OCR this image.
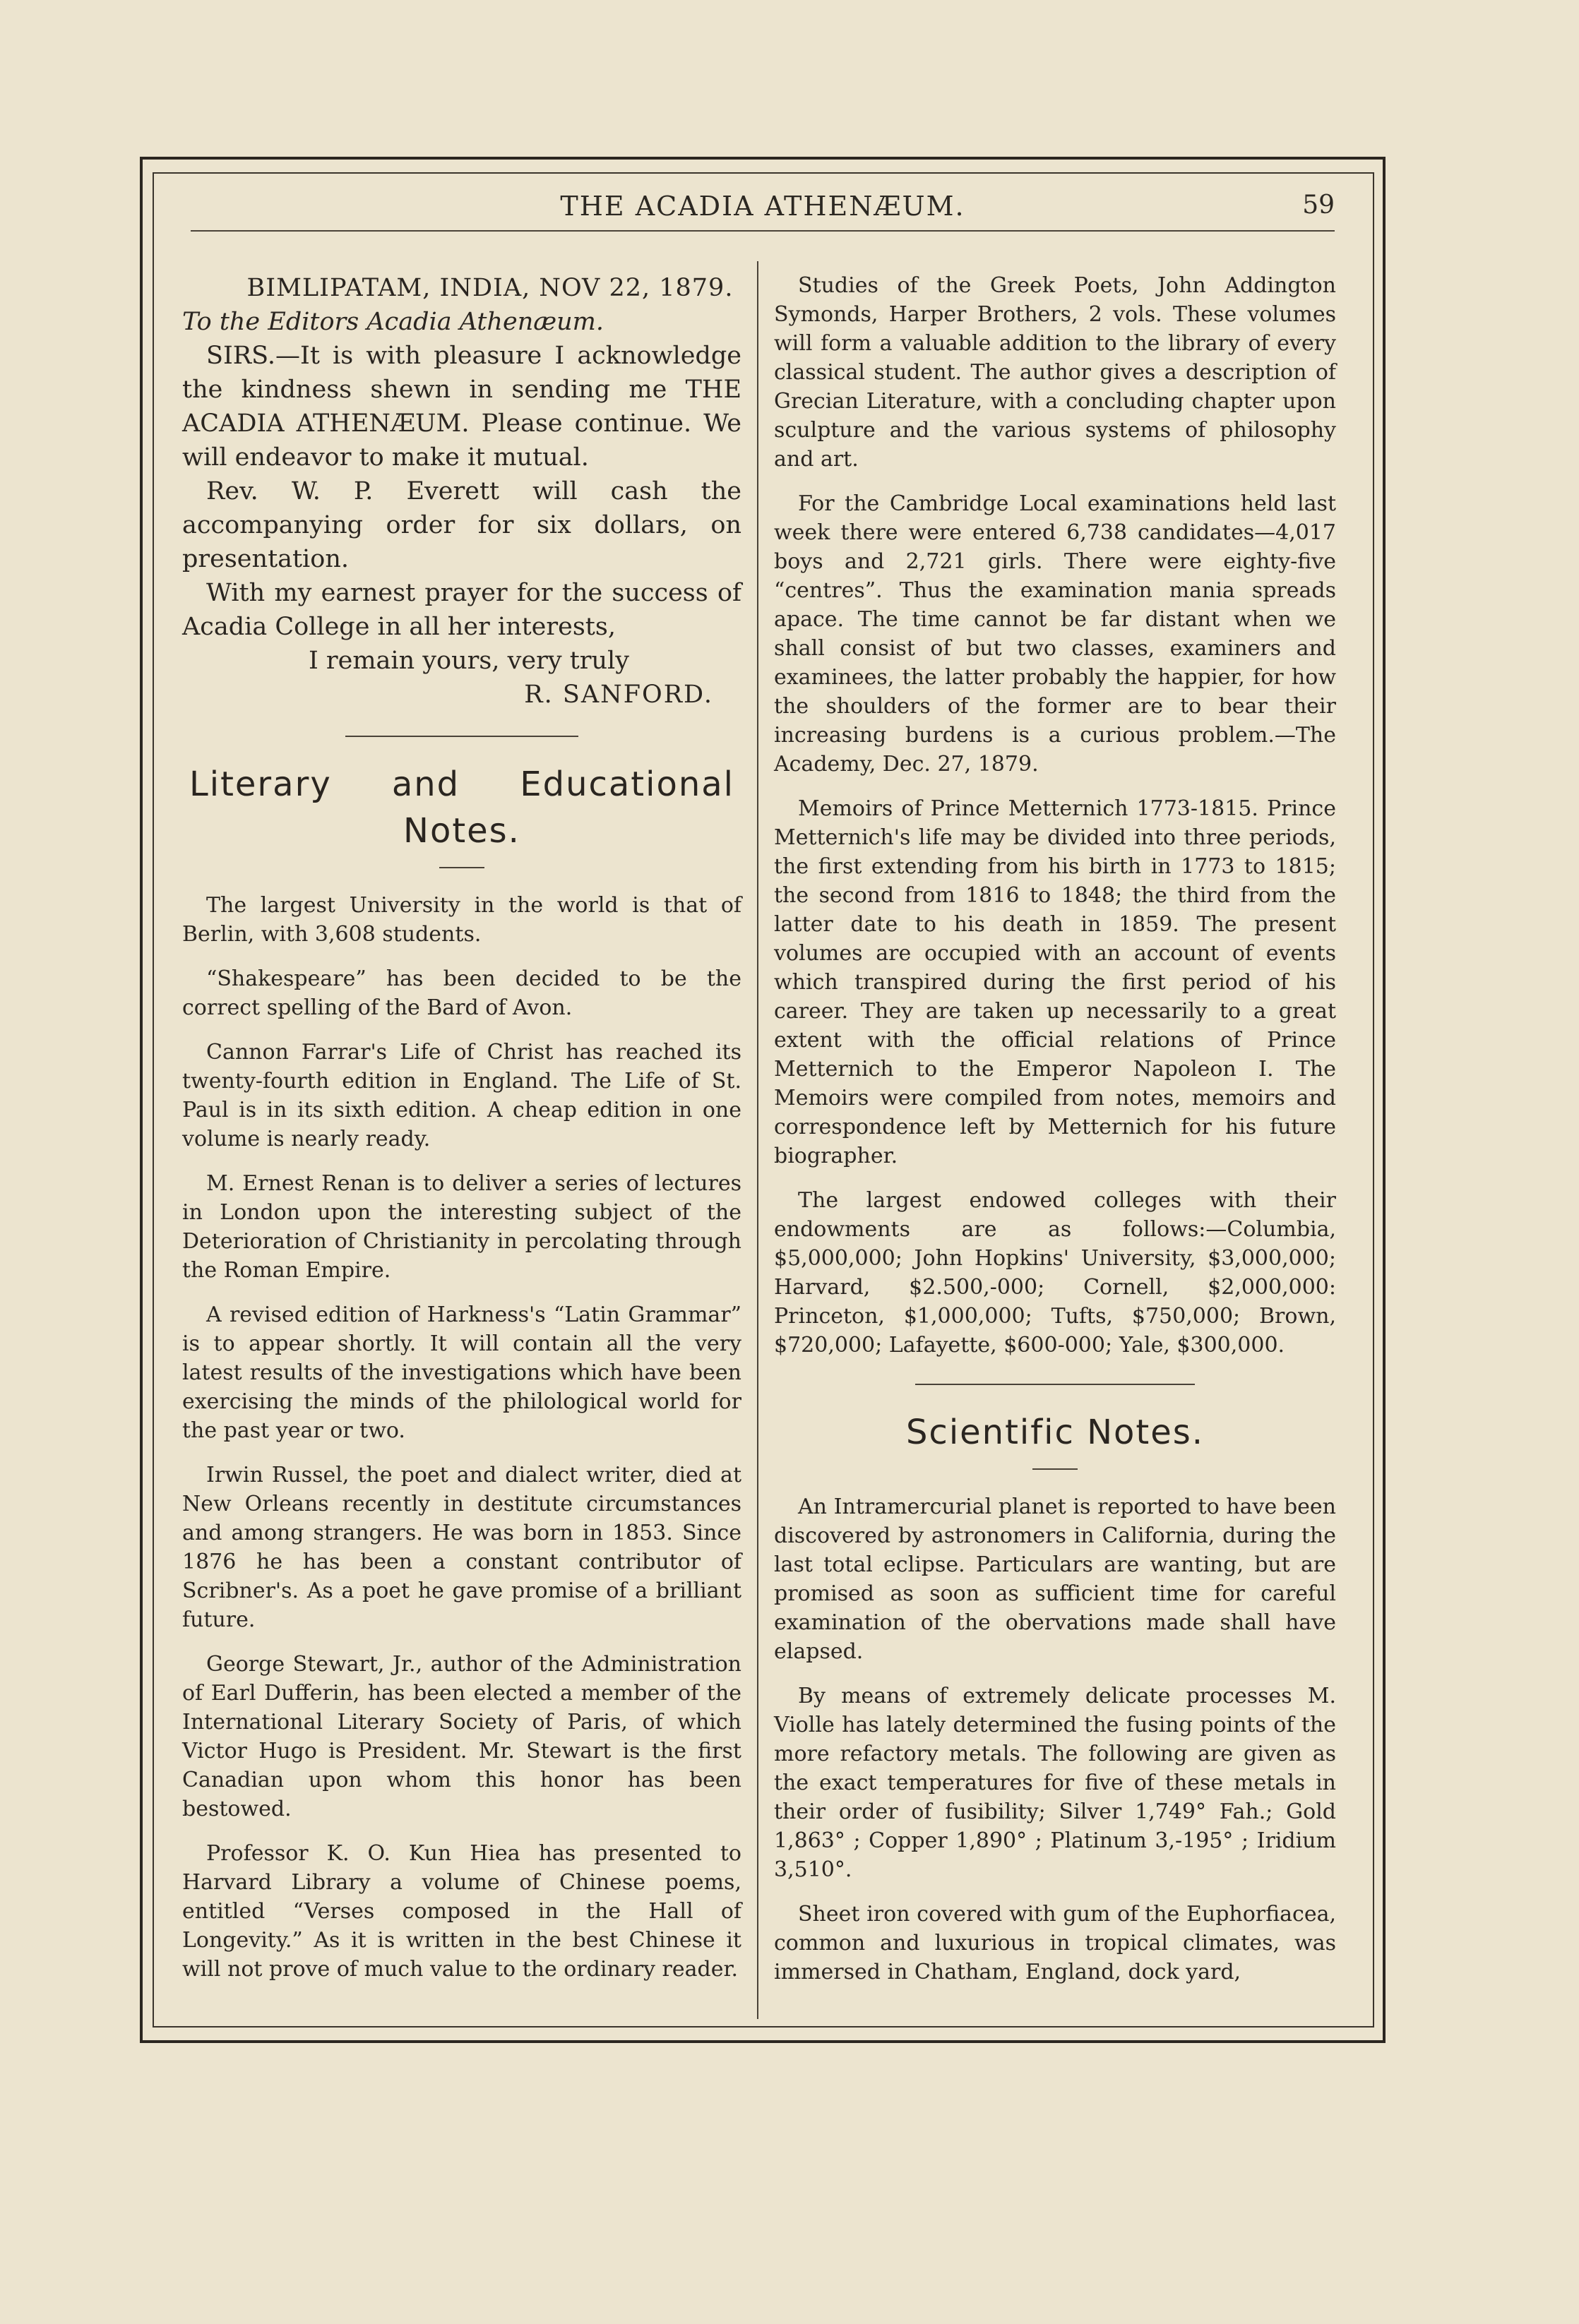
THE ACADIA ATHENÆUM.	59

BIMLIPATAM, INDIA, NOV 22, 1879.

To the Editors Acadia Athenæum.

SIRS.—It is with pleasure I acknowledge the kindness shewn in sending me THE ACADIA ATHENÆUM. Please continue. We will endeavor to make it mutual.

Rev. W. P. Everett will cash the accompanying order for six dollars, on presentation.

With my earnest prayer for the success of Acadia College in all her interests,

I remain yours, very truly

R. SANFORD.

Literary and Educational
Notes.

The largest University in the world is that of Berlin, with 3,608 students.

“Shakespeare” has been decided to be the correct spelling of the Bard of Avon.

Cannon Farrar's Life of Christ has reached its twenty-fourth edition in England. The Life of St. Paul is in its sixth edition. A cheap edition in one volume is nearly ready.

M. Ernest Renan is to deliver a series of lectures in London upon the interesting subject of the Deterioration of Christianity in percolating through the Roman Empire.

A revised edition of Harkness's “Latin Grammar” is to appear shortly. It will contain all the very latest results of the investigations which have been exercising the minds of the philological world for the past year or two.

Irwin Russel, the poet and dialect writer, died at New Orleans recently in destitute circumstances and among strangers. He was born in 1853. Since 1876 he has been a constant contributor of Scribner's. As a poet he gave promise of a brilliant future.

George Stewart, Jr., author of the Administration of Earl Dufferin, has been elected a member of the International Literary Society of Paris, of which Victor Hugo is President. Mr. Stewart is the first Canadian upon whom this honor has been bestowed.

Professor K. O. Kun Hiea has presented to Harvard Library a volume of Chinese poems, entitled “Verses composed in the Hall of Longevity.” As it is written in the best Chinese it will not prove of much value to the ordinary reader.

Studies of the Greek Poets, John Addington Symonds, Harper Brothers, 2 vols. These volumes will form a valuable addition to the library of every classical student. The author gives a description of Grecian Literature, with a concluding chapter upon sculpture and the various systems of philosophy and art.

For the Cambridge Local examinations held last week there were entered 6,738 candidates—4,017 boys and 2,721 girls. There were eighty-five “centres”. Thus the examination mania spreads apace. The time cannot be far distant when we shall consist of but two classes, examiners and examinees, the latter probably the happier, for how the shoulders of the former are to bear their increasing burdens is a curious problem.—The Academy, Dec. 27, 1879.

Memoirs of Prince Metternich 1773-1815. Prince Metternich's life may be divided into three periods, the first extending from his birth in 1773 to 1815; the second from 1816 to 1848; the third from the latter date to his death in 1859. The present volumes are occupied with an account of events which transpired during the first period of his career. They are taken up necessarily to a great extent with the official relations of Prince Metternich to the Emperor Napoleon I. The Memoirs were compiled from notes, memoirs and correspondence left by Metternich for his future biographer.

The largest endowed colleges with their endowments are as follows:—Columbia, $5,000,000; John Hopkins' University, $3,000,000; Harvard, $2.500,-000; Cornell, $2,000,000: Princeton, $1,000,000; Tufts, $750,000; Brown, $720,000; Lafayette, $600-000; Yale, $300,000.

Scientific Notes.

An Intramercurial planet is reported to have been discovered by astronomers in California, during the last total eclipse. Particulars are wanting, but are promised as soon as sufficient time for careful examination of the obervations made shall have elapsed.

By means of extremely delicate processes M. Violle has lately determined the fusing points of the more refactory metals. The following are given as the exact temperatures for five of these metals in their order of fusibility; Silver 1,749° Fah.; Gold 1,863° ; Copper 1,890° ; Platinum 3,-195° ; Iridium 3,510°.

Sheet iron covered with gum of the Euphorfiacea, common and luxurious in tropical climates, was immersed in Chatham, England, dock yard,
